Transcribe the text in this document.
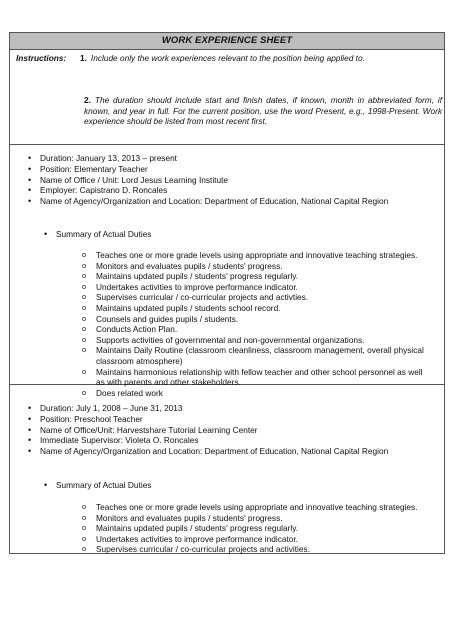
WORK EXPERIENCE SHEET
Instructions: 1. Include only the work experiences relevant to the position being applied to.
2. The duration should include start and finish dates, if known, month in abbreviated form, if known, and year in full. For the current position, use the word Present, e.g., 1998-Present. Work experience should be listed from most recent first.
• Duration: January 13, 2013 – present
• Position: Elementary Teacher
• Name of Office / Unit: Lord Jesus Learning Institute
• Employer: Capistrano D. Roncales
• Name of Agency/Organization and Location: Department of Education, National Capital Region
• Summary of Actual Duties
o Teaches one or more grade levels using appropriate and innovative teaching strategies.
o Monitors and evaluates pupils / students' progress.
o Maintains updated pupils / students' progress regularly.
o Undertakes activities to improve performance indicator.
o Supervises curricular / co-curricular projects and activties.
o Maintains updated pupils / students school record.
o Counsels and guides pupils / students.
o Conducts Action Plan.
o Supports activities of governmental and non-governmental organizations.
o Maintains Daily Routine (classroom cleanliness, classroom management, overall physical classroom atmosphere)
o Maintains harmonious relationship with fellow teacher and other school personnel as well as with parents and other stakeholders.
o Does related work
• Duration: July 1, 2008 – June 31, 2013
• Position: Preschool Teacher
• Name of Office/Unit: Harvestshare Tutorial Learning Center
• Immediate Supervisor: Violeta O. Roncales
• Name of Agency/Organization and Location: Department of Education, National Capital Region
• Summary of Actual Duties
o Teaches one or more grade levels using appropriate and innovative teaching strategies.
o Monitors and evaluates pupils / students' progress.
o Maintains updated pupils / students' progress regularly.
o Undertakes activities to improve performance indicator.
o Supervises curricular / co-curricular projects and activities.
